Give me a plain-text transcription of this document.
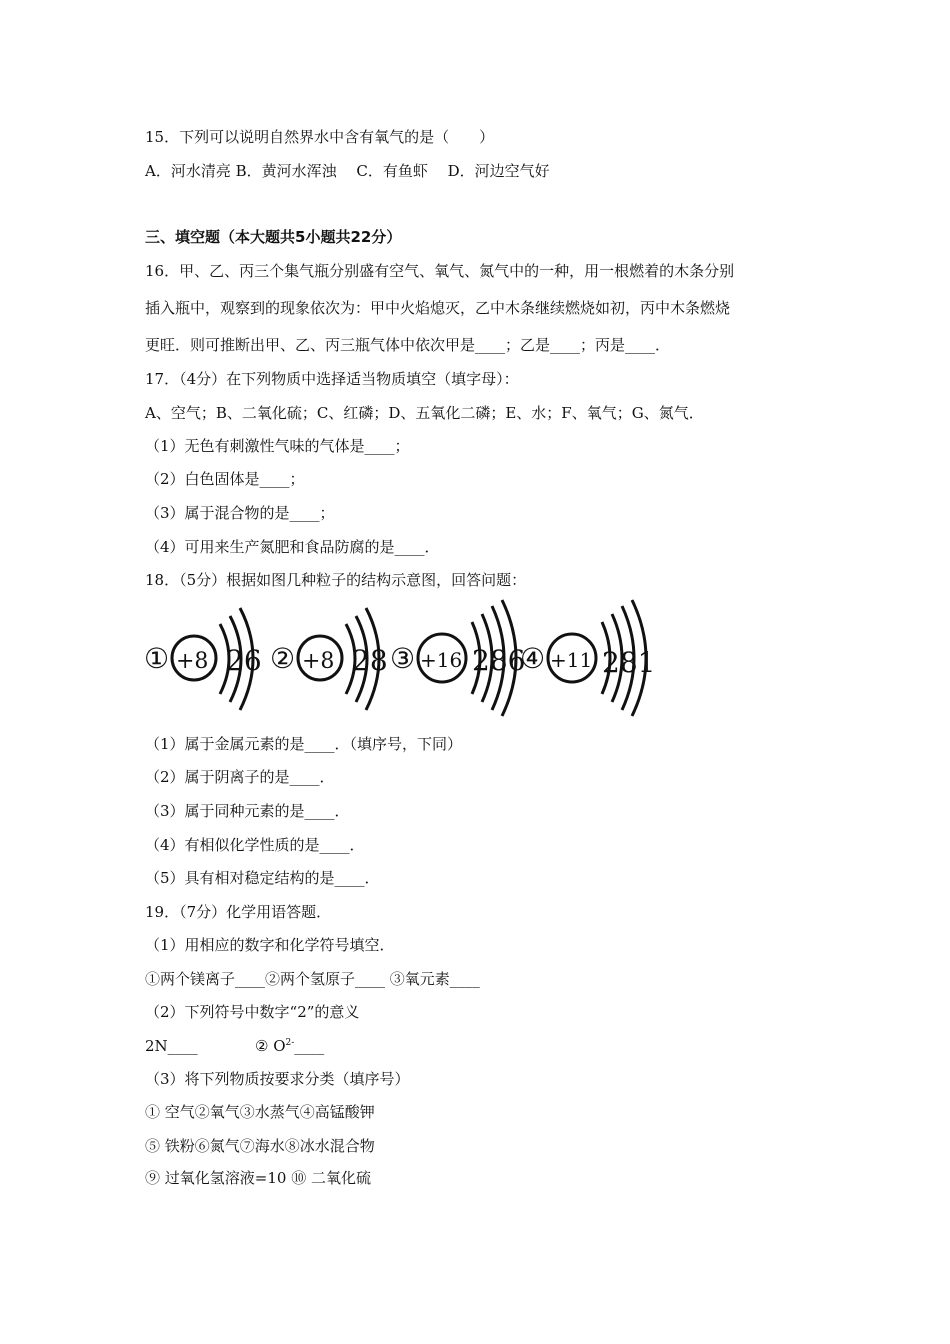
15．下列可以说明自然界水中含有氧气的是（　　）
A．河水清亮 B．黄河水浑浊　 C．有鱼虾　 D．河边空气好
三、填空题（本大题共5小题共22分）
16．甲、乙、丙三个集气瓶分别盛有空气、氧气、氮气中的一种，用一根燃着的木条分别
插入瓶中，观察到的现象依次为：甲中火焰熄灭，乙中木条继续燃烧如初，丙中木条燃烧
更旺．则可推断出甲、乙、丙三瓶气体中依次甲是____；乙是____；丙是____．
17．（4分）在下列物质中选择适当物质填空（填字母）：
A、空气；B、二氧化硫；C、红磷；D、五氧化二磷；E、水；F、氧气；G、氮气．
（1）无色有刺激性气味的气体是____；
（2）白色固体是____；
（3）属于混合物的是____；
（4）可用来生产氮肥和食品防腐的是____．
18．（5分）根据如图几种粒子的结构示意图，回答问题：
① +8 26 ② +8 28 ③ +16 286
④ +11 281
（1）属于金属元素的是____．（填序号，下同）
（2）属于阴离子的是____．
（3）属于同种元素的是____．
（4）有相似化学性质的是____．
（5）具有相对稳定结构的是____．
19．（7分）化学用语答题．
（1）用相应的数字和化学符号填空．
①两个镁离子____②两个氢原子____ ③氧元素____
（2）下列符号中数字“2”的意义
2N____	② $O^{2-}\_\_\_\_$
（3）将下列物质按要求分类（填序号）
① 空气②氧气③水蒸气④高锰酸钾
⑤ 铁粉⑥氮气⑦海水⑧冰水混合物
⑨ 过氧化氢溶液=10 ⑩ 二氧化硫
